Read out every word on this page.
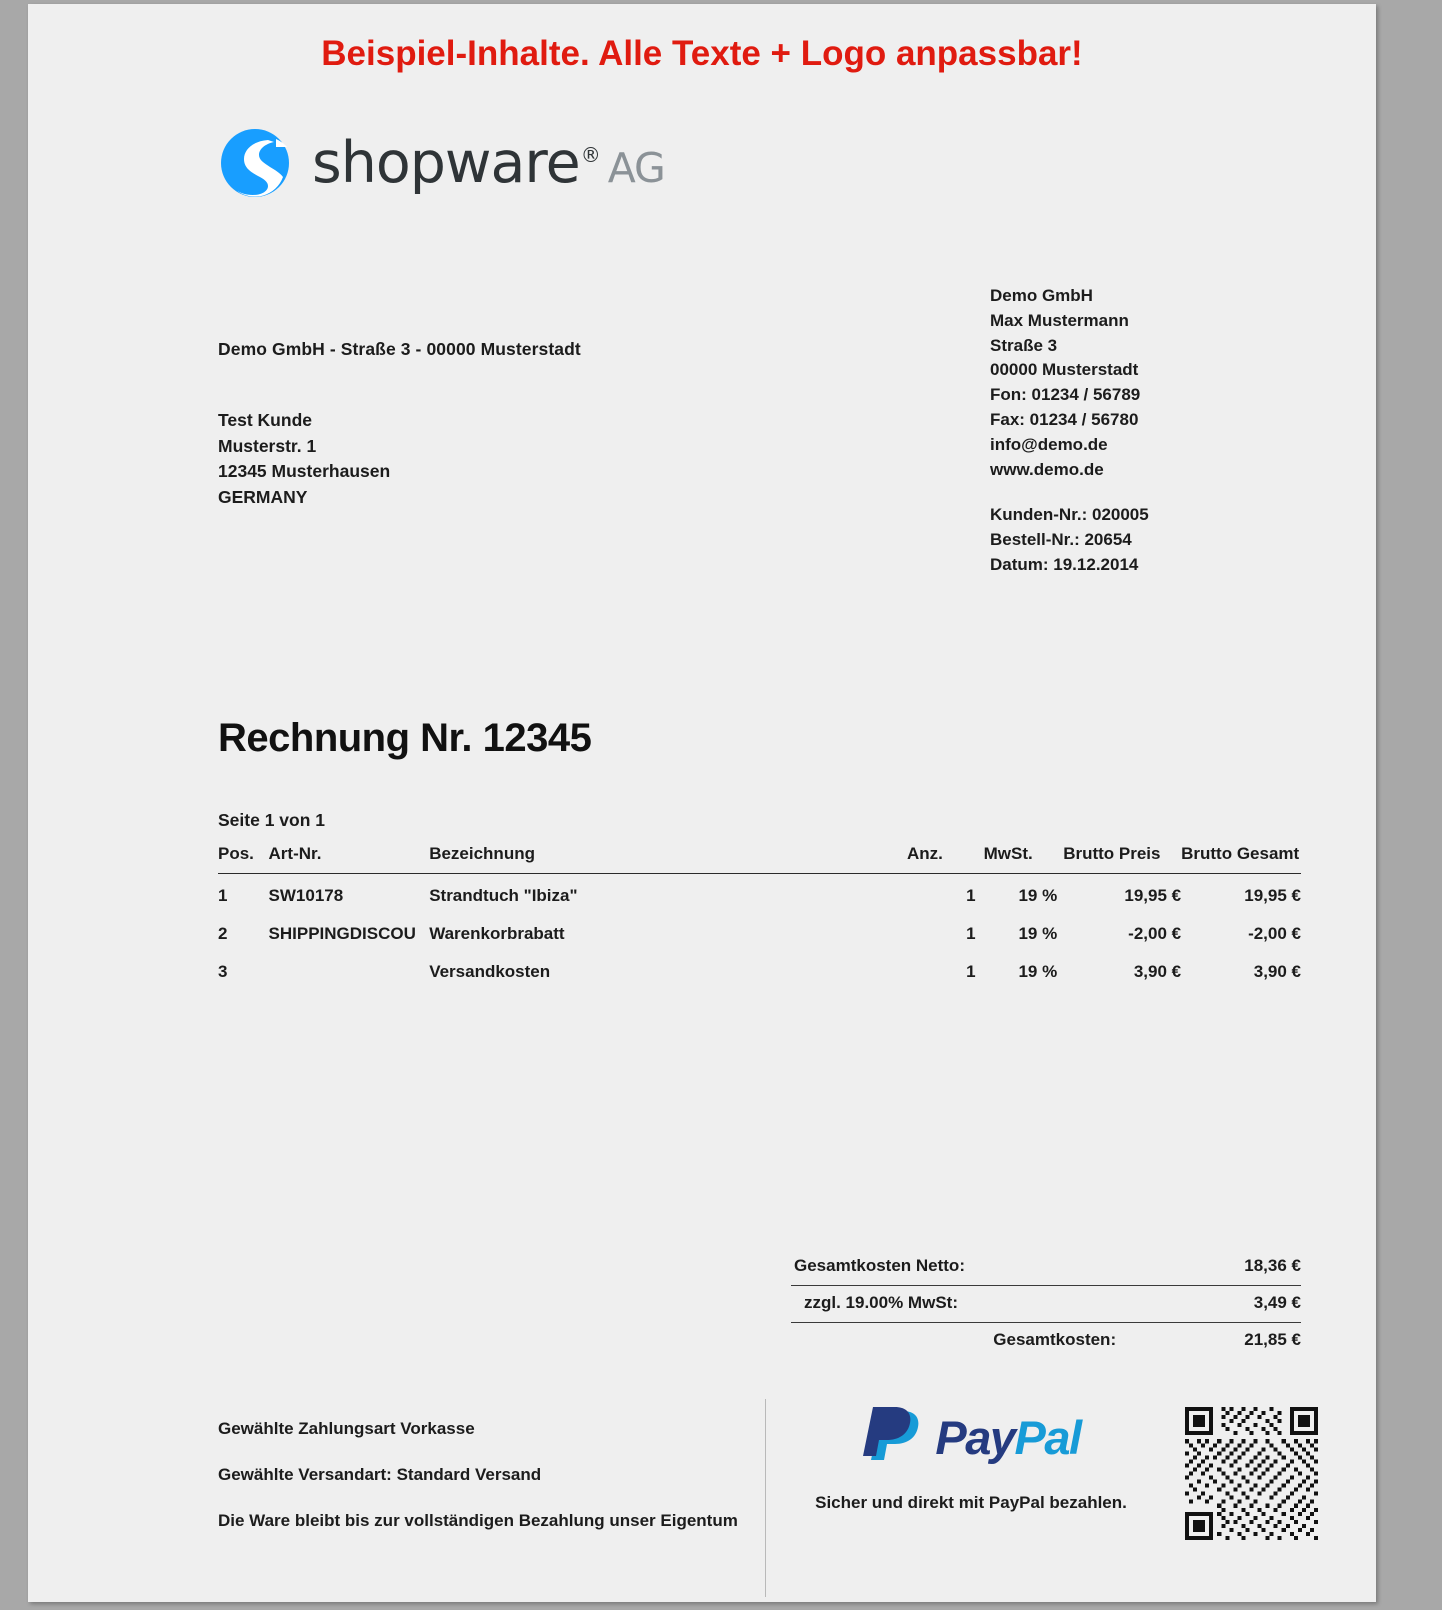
Beispiel-Inhalte. Alle Texte + Logo anpassbar!
shopware ® AG
Demo GmbH - Straße 3 - 00000 Musterstadt
Test Kunde
Musterstr. 1
12345 Musterhausen
GERMANY
Demo GmbH
Max Mustermann
Straße 3
00000 Musterstadt
Fon: 01234 / 56789
Fax: 01234 / 56780
info@demo.de
www.demo.de
Kunden-Nr.: 020005
Bestell-Nr.: 20654
Datum: 19.12.2014
Rechnung Nr. 12345
Seite 1 von 1
Pos.	Art-Nr.	Bezeichnung	Anz.	MwSt.	Brutto Preis	Brutto Gesamt
1	SW10178	Strandtuch "Ibiza"	1	19 %	19,95 €	19,95 €
2	SHIPPINGDISCOU	Warenkorbrabatt	1	19 %	-2,00 €	-2,00 €
3		Versandkosten	1	19 %	3,90 €	3,90 €
Gesamtkosten Netto:	18,36 €
zzgl. 19.00% MwSt:	3,49 €
Gesamtkosten:	21,85 €
Gewählte Zahlungsart Vorkasse
Gewählte Versandart: Standard Versand
Die Ware bleibt bis zur vollständigen Bezahlung unser Eigentum
PayPal
Sicher und direkt mit PayPal bezahlen.
